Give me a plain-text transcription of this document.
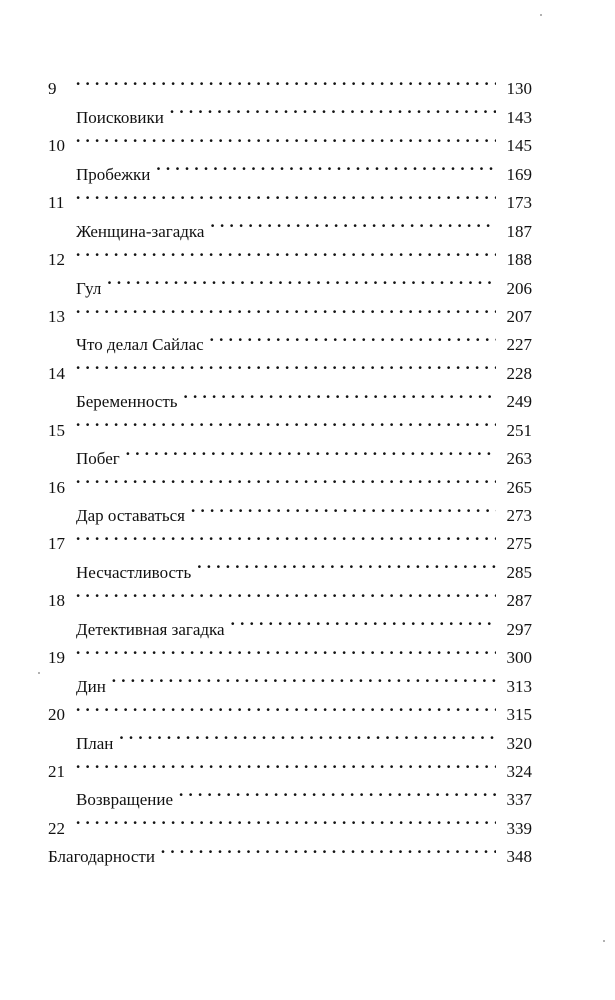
9 . . .	130
Поисковики . . .	143
10 . . .	145
Пробежки . . .	169
11 . . .	173
Женщина-загадка . . .	187
12 . . .	188
Гул . . .	206
13 . . .	207
Что делал Сайлас . . .	227
14 . . .	228
Беременность . . .	249
15 . . .	251
Побег . . .	263
16 . . .	265
Дар оставаться . . .	273
17 . . .	275
Несчастливость . . .	285
18 . . .	287
Детективная загадка . . .	297
19 . . .	300
Дин . . .	313
20 . . .	315
План . . .	320
21 . . .	324
Возвращение . . .	337
22 . . .	339
Благодарности . . .	348
